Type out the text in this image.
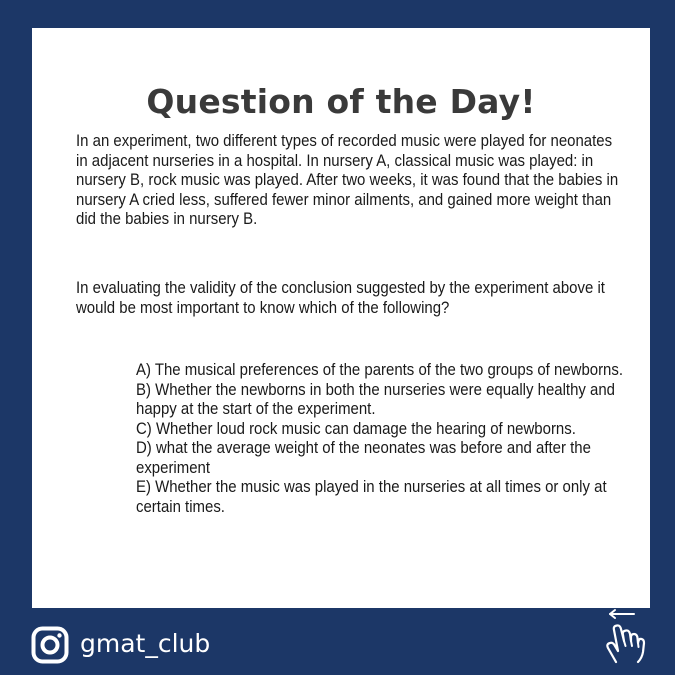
Question of the Day!

In an experiment, two different types of recorded music were played for neonates in adjacent nurseries in a hospital. In nursery A, classical music was played: in nursery B, rock music was played. After two weeks, it was found that the babies in nursery A cried less, suffered fewer minor ailments, and gained more weight than did the babies in nursery B.

In evaluating the validity of the conclusion suggested by the experiment above it would be most important to know which of the following?

A) The musical preferences of the parents of the two groups of newborns.
B) Whether the newborns in both the nurseries were equally healthy and happy at the start of the experiment.
C) Whether loud rock music can damage the hearing of newborns.
D) what the average weight of the neonates was before and after the experiment
E) Whether the music was played in the nurseries at all times or only at certain times.
gmat_club
